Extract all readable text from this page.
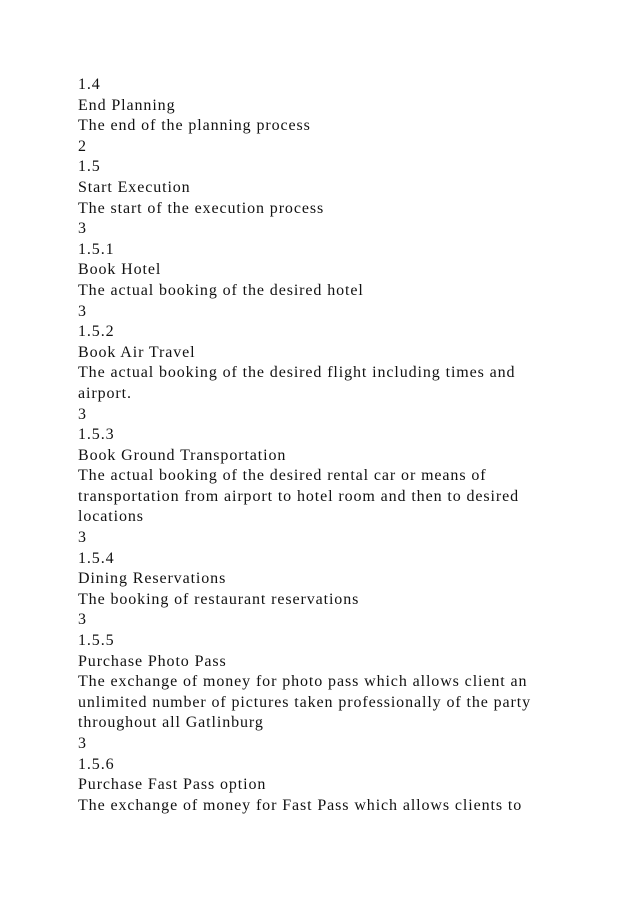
1.4
End Planning
The end of the planning process
2
1.5
Start Execution
The start of the execution process
3
1.5.1
Book Hotel
The actual booking of the desired hotel
3
1.5.2
Book Air Travel
The actual booking of the desired flight including times and
airport.
3
1.5.3
Book Ground Transportation
The actual booking of the desired rental car or means of
transportation from airport to hotel room and then to desired
locations
3
1.5.4
Dining Reservations
The booking of restaurant reservations
3
1.5.5
Purchase Photo Pass
The exchange of money for photo pass which allows client an
unlimited number of pictures taken professionally of the party
throughout all Gatlinburg
3
1.5.6
Purchase Fast Pass option
The exchange of money for Fast Pass which allows clients to
